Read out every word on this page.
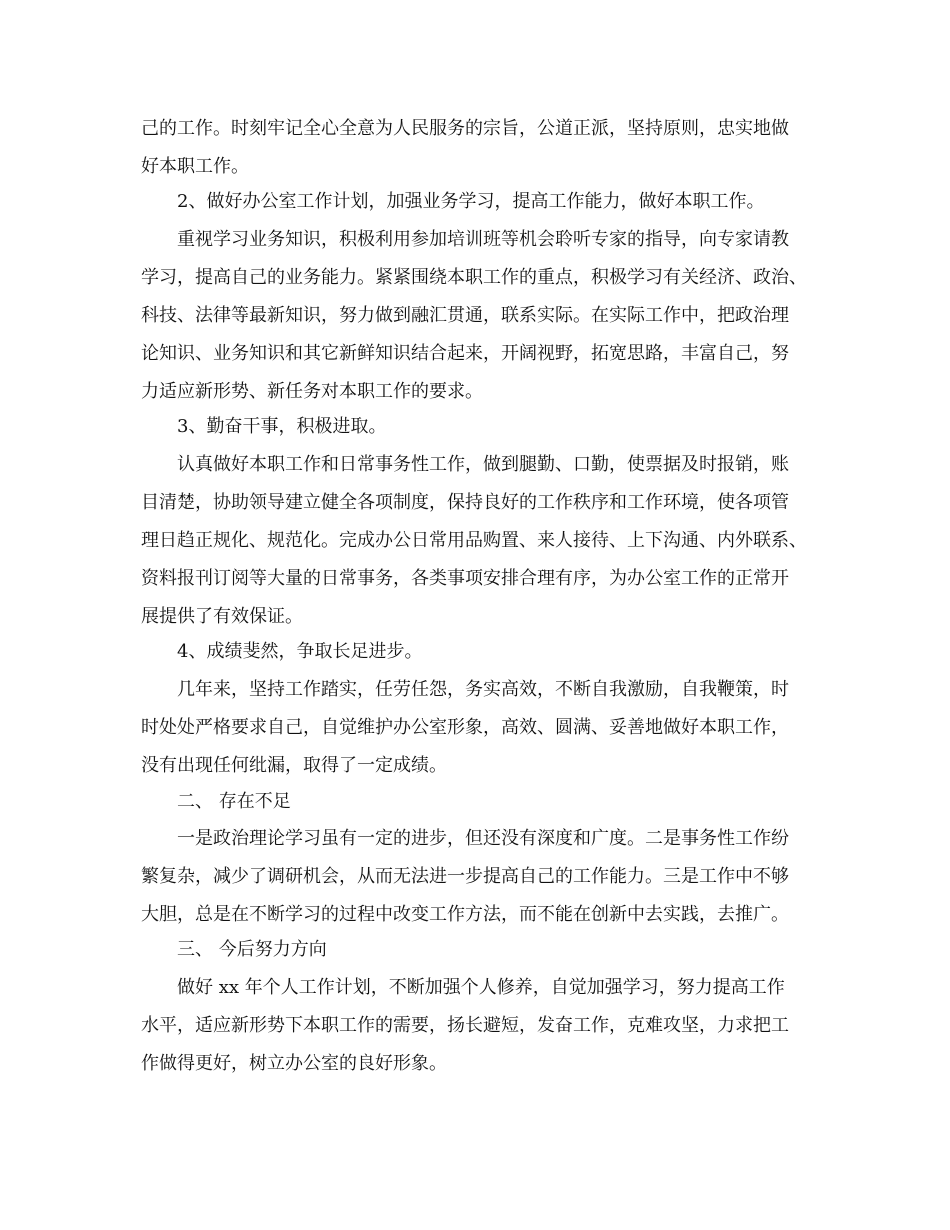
己的工作。时刻牢记全心全意为人民服务的宗旨，公道正派，坚持原则，忠实地做
好本职工作。
2、做好办公室工作计划，加强业务学习，提高工作能力，做好本职工作。
重视学习业务知识，积极利用参加培训班等机会聆听专家的指导，向专家请教
学习，提高自己的业务能力。紧紧围绕本职工作的重点，积极学习有关经济、政治、
科技、法律等最新知识，努力做到融汇贯通，联系实际。在实际工作中，把政治理
论知识、业务知识和其它新鲜知识结合起来，开阔视野，拓宽思路，丰富自己，努
力适应新形势、新任务对本职工作的要求。
3、勤奋干事，积极进取。
认真做好本职工作和日常事务性工作，做到腿勤、口勤，使票据及时报销，账
目清楚，协助领导建立健全各项制度，保持良好的工作秩序和工作环境，使各项管
理日趋正规化、规范化。完成办公日常用品购置、来人接待、上下沟通、内外联系、
资料报刊订阅等大量的日常事务，各类事项安排合理有序，为办公室工作的正常开
展提供了有效保证。
4、成绩斐然，争取长足进步。
几年来，坚持工作踏实，任劳任怨，务实高效，不断自我激励，自我鞭策，时
时处处严格要求自己，自觉维护办公室形象，高效、圆满、妥善地做好本职工作，
没有出现任何纰漏，取得了一定成绩。
二、 存在不足
一是政治理论学习虽有一定的进步，但还没有深度和广度。二是事务性工作纷
繁复杂，减少了调研机会，从而无法进一步提高自己的工作能力。三是工作中不够
大胆，总是在不断学习的过程中改变工作方法，而不能在创新中去实践，去推广。
三、 今后努力方向
做好 xx 年个人工作计划，不断加强个人修养，自觉加强学习，努力提高工作
水平，适应新形势下本职工作的需要，扬长避短，发奋工作，克难攻坚，力求把工
作做得更好，树立办公室的良好形象。
